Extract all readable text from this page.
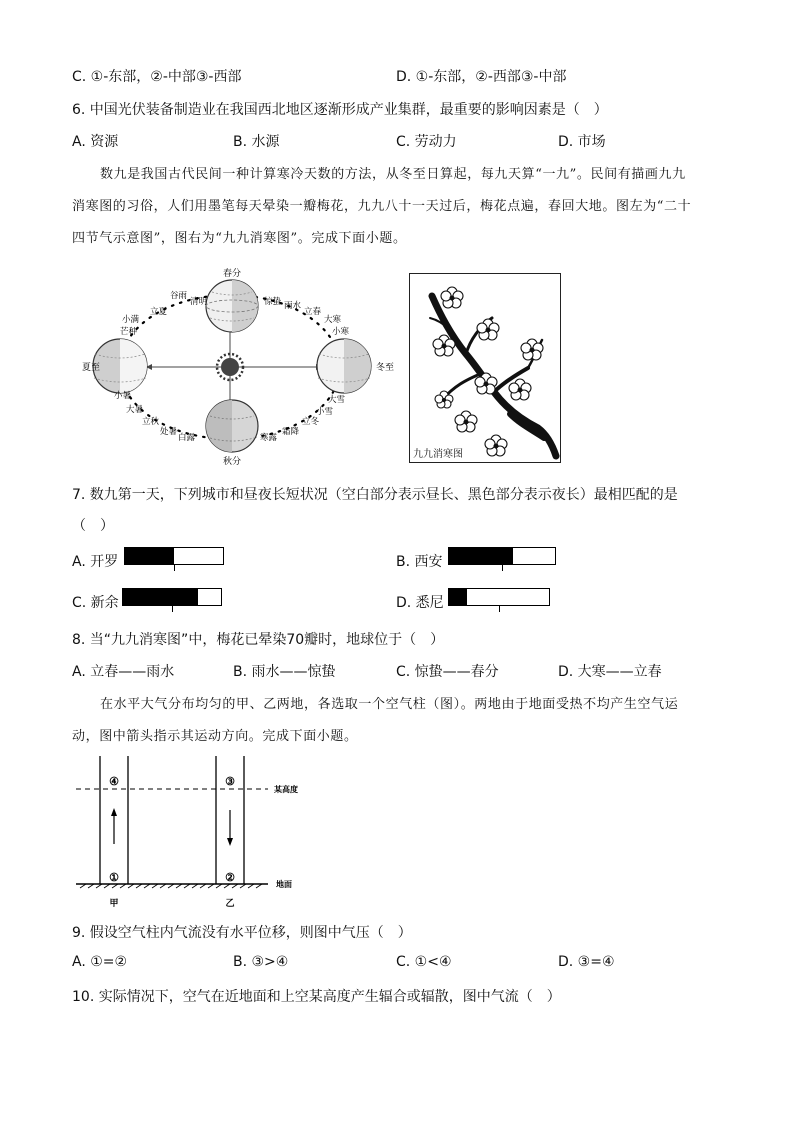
C. ①-东部，②-中部③-西部	D. ①-东部，②-西部③-中部
6. 中国光伏装备制造业在我国西北地区逐渐形成产业集群，最重要的影响因素是（　）
A. 资源	B. 水源	C. 劳动力	D. 市场
数九是我国古代民间一种计算寒冷天数的方法，从冬至日算起，每九天算“一九”。民间有描画九九
消寒图的习俗，人们用墨笔每天晕染一瓣梅花，九九八十一天过后，梅花点遍，春回大地。图左为“二十
四节气示意图”，图右为“九九消寒图”。完成下面小题。
春分
夏至
秋分
冬至
谷雨
清明
立夏
小满
芒种
惊蛰 雨水
立春
大寒
小寒
小暑
大暑
立秋
处暑
白露	寒露
霜降
立冬
小雪
大雪
九九消寒图
7. 数九第一天，下列城市和昼夜长短状况（空白部分表示昼长、黑色部分表示夜长）最相匹配的是
（　）
A. 开罗	B. 西安
C. 新余	D. 悉尼
8. 当“九九消寒图”中，梅花已晕染70瓣时，地球位于（　）
A. 立春——雨水	B. 雨水——惊蛰	C. 惊蛰——春分	D. 大寒——立春
在水平大气分布均匀的甲、乙两地，各选取一个空气柱（图）。两地由于地面受热不均产生空气运
动，图中箭头指示其运动方向。完成下面小题。
④	③
①	②
某高度
地面
甲	乙
9. 假设空气柱内气流没有水平位移，则图中气压（　）
A. ①=②	B. ③>④	C. ①<④	D. ③=④
10. 实际情况下，空气在近地面和上空某高度产生辐合或辐散，图中气流（　）
